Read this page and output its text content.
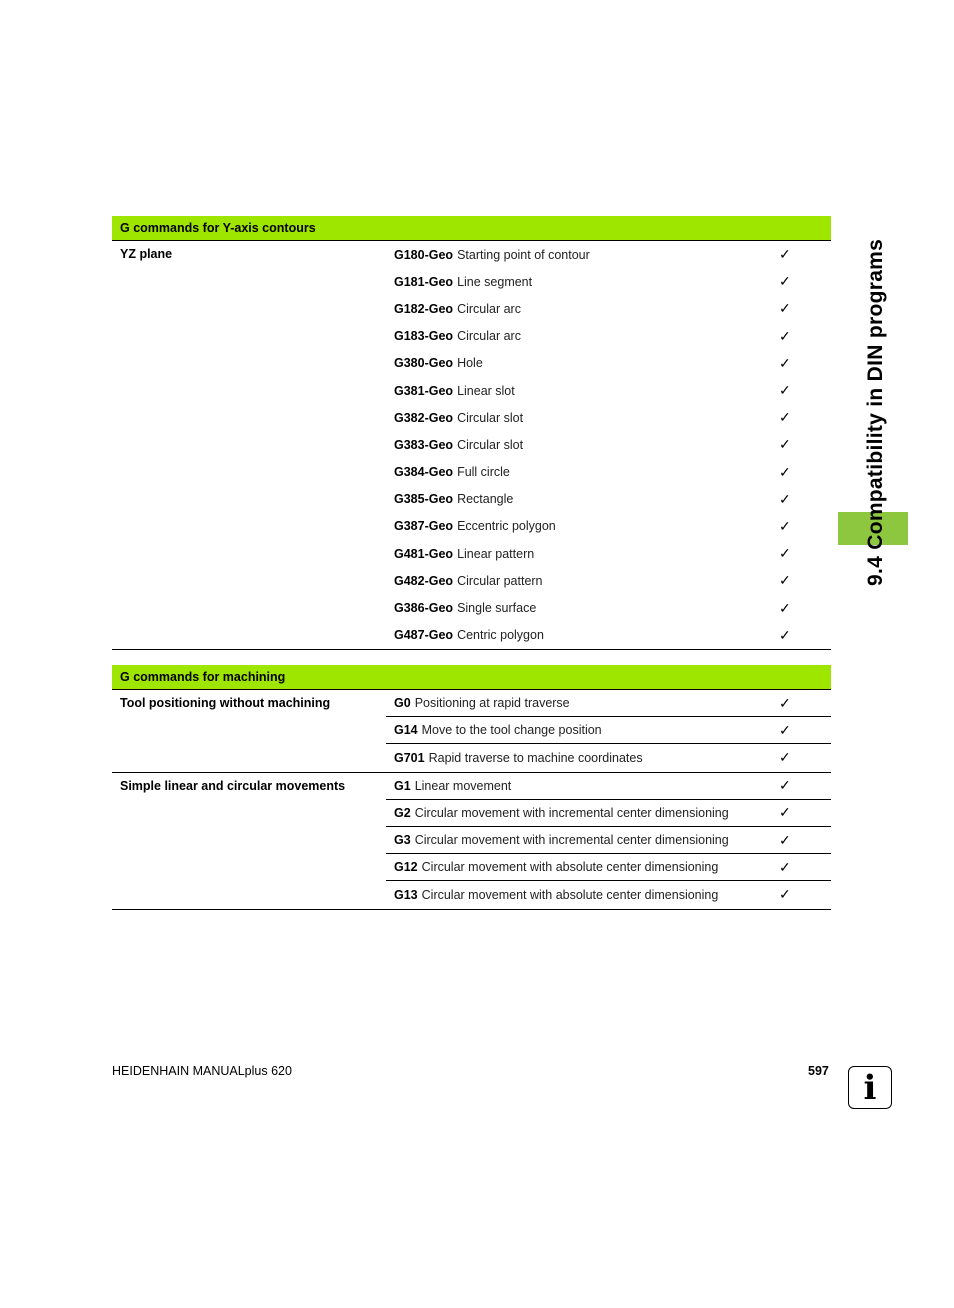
9.4 Compatibility in DIN programs
G commands for Y-axis contours
YZ plane	G180-Geo Starting point of contour	✓
G181-Geo Line segment	✓
G182-Geo Circular arc	✓
G183-Geo Circular arc	✓
G380-Geo Hole	✓
G381-Geo Linear slot	✓
G382-Geo Circular slot	✓
G383-Geo Circular slot	✓
G384-Geo Full circle	✓
G385-Geo Rectangle	✓
G387-Geo Eccentric polygon	✓
G481-Geo Linear pattern	✓
G482-Geo Circular pattern	✓
G386-Geo Single surface	✓
G487-Geo Centric polygon	✓
G commands for machining
Tool positioning without machining	G0 Positioning at rapid traverse	✓
G14 Move to the tool change position	✓
G701 Rapid traverse to machine coordinates	✓
Simple linear and circular movements	G1 Linear movement	✓
G2 Circular movement with incremental center dimensioning	✓
G3 Circular movement with incremental center dimensioning	✓
G12 Circular movement with absolute center dimensioning	✓
G13 Circular movement with absolute center dimensioning	✓
HEIDENHAIN MANUALplus 620	597	i
